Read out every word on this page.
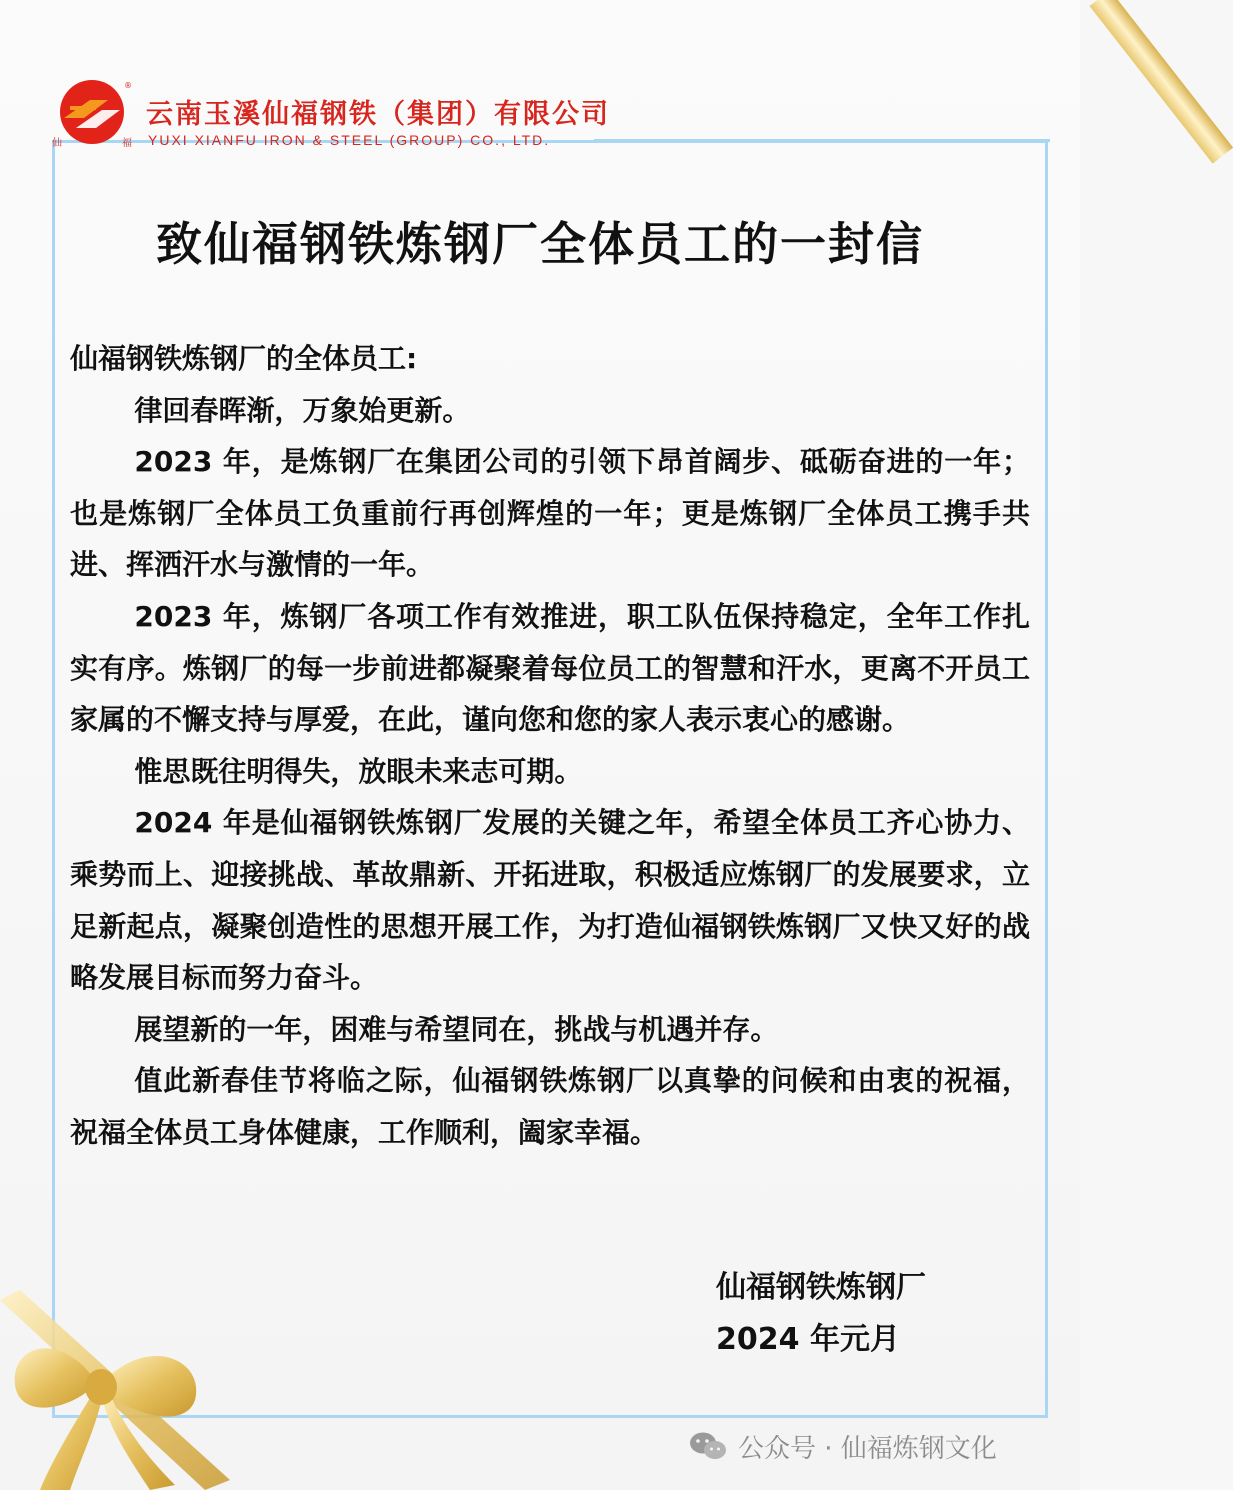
仙	福
®
云南玉溪仙福钢铁（集团）有限公司
YUXI XIANFU IRON & STEEL (GROUP) CO., LTD.
致仙福钢铁炼钢厂全体员工的一封信

仙福钢铁炼钢厂的全体员工:

律回春晖渐，万象始更新。

2023 年，是炼钢厂在集团公司的引领下昂首阔步、砥砺奋进的一年；也是炼钢厂全体员工负重前行再创辉煌的一年；更是炼钢厂全体员工携手共进、挥洒汗水与激情的一年。

2023 年，炼钢厂各项工作有效推进，职工队伍保持稳定，全年工作扎实有序。炼钢厂的每一步前进都凝聚着每位员工的智慧和汗水，更离不开员工家属的不懈支持与厚爱，在此，谨向您和您的家人表示衷心的感谢。

惟思既往明得失，放眼未来志可期。

2024 年是仙福钢铁炼钢厂发展的关键之年，希望全体员工齐心协力、乘势而上、迎接挑战、革故鼎新、开拓进取，积极适应炼钢厂的发展要求，立足新起点，凝聚创造性的思想开展工作，为打造仙福钢铁炼钢厂又快又好的战略发展目标而努力奋斗。

展望新的一年，困难与希望同在，挑战与机遇并存。

值此新春佳节将临之际，仙福钢铁炼钢厂以真挚的问候和由衷的祝福，祝福全体员工身体健康，工作顺利，阖家幸福。

仙福钢铁炼钢厂
2024 年元月
公众号 · 仙福炼钢文化
